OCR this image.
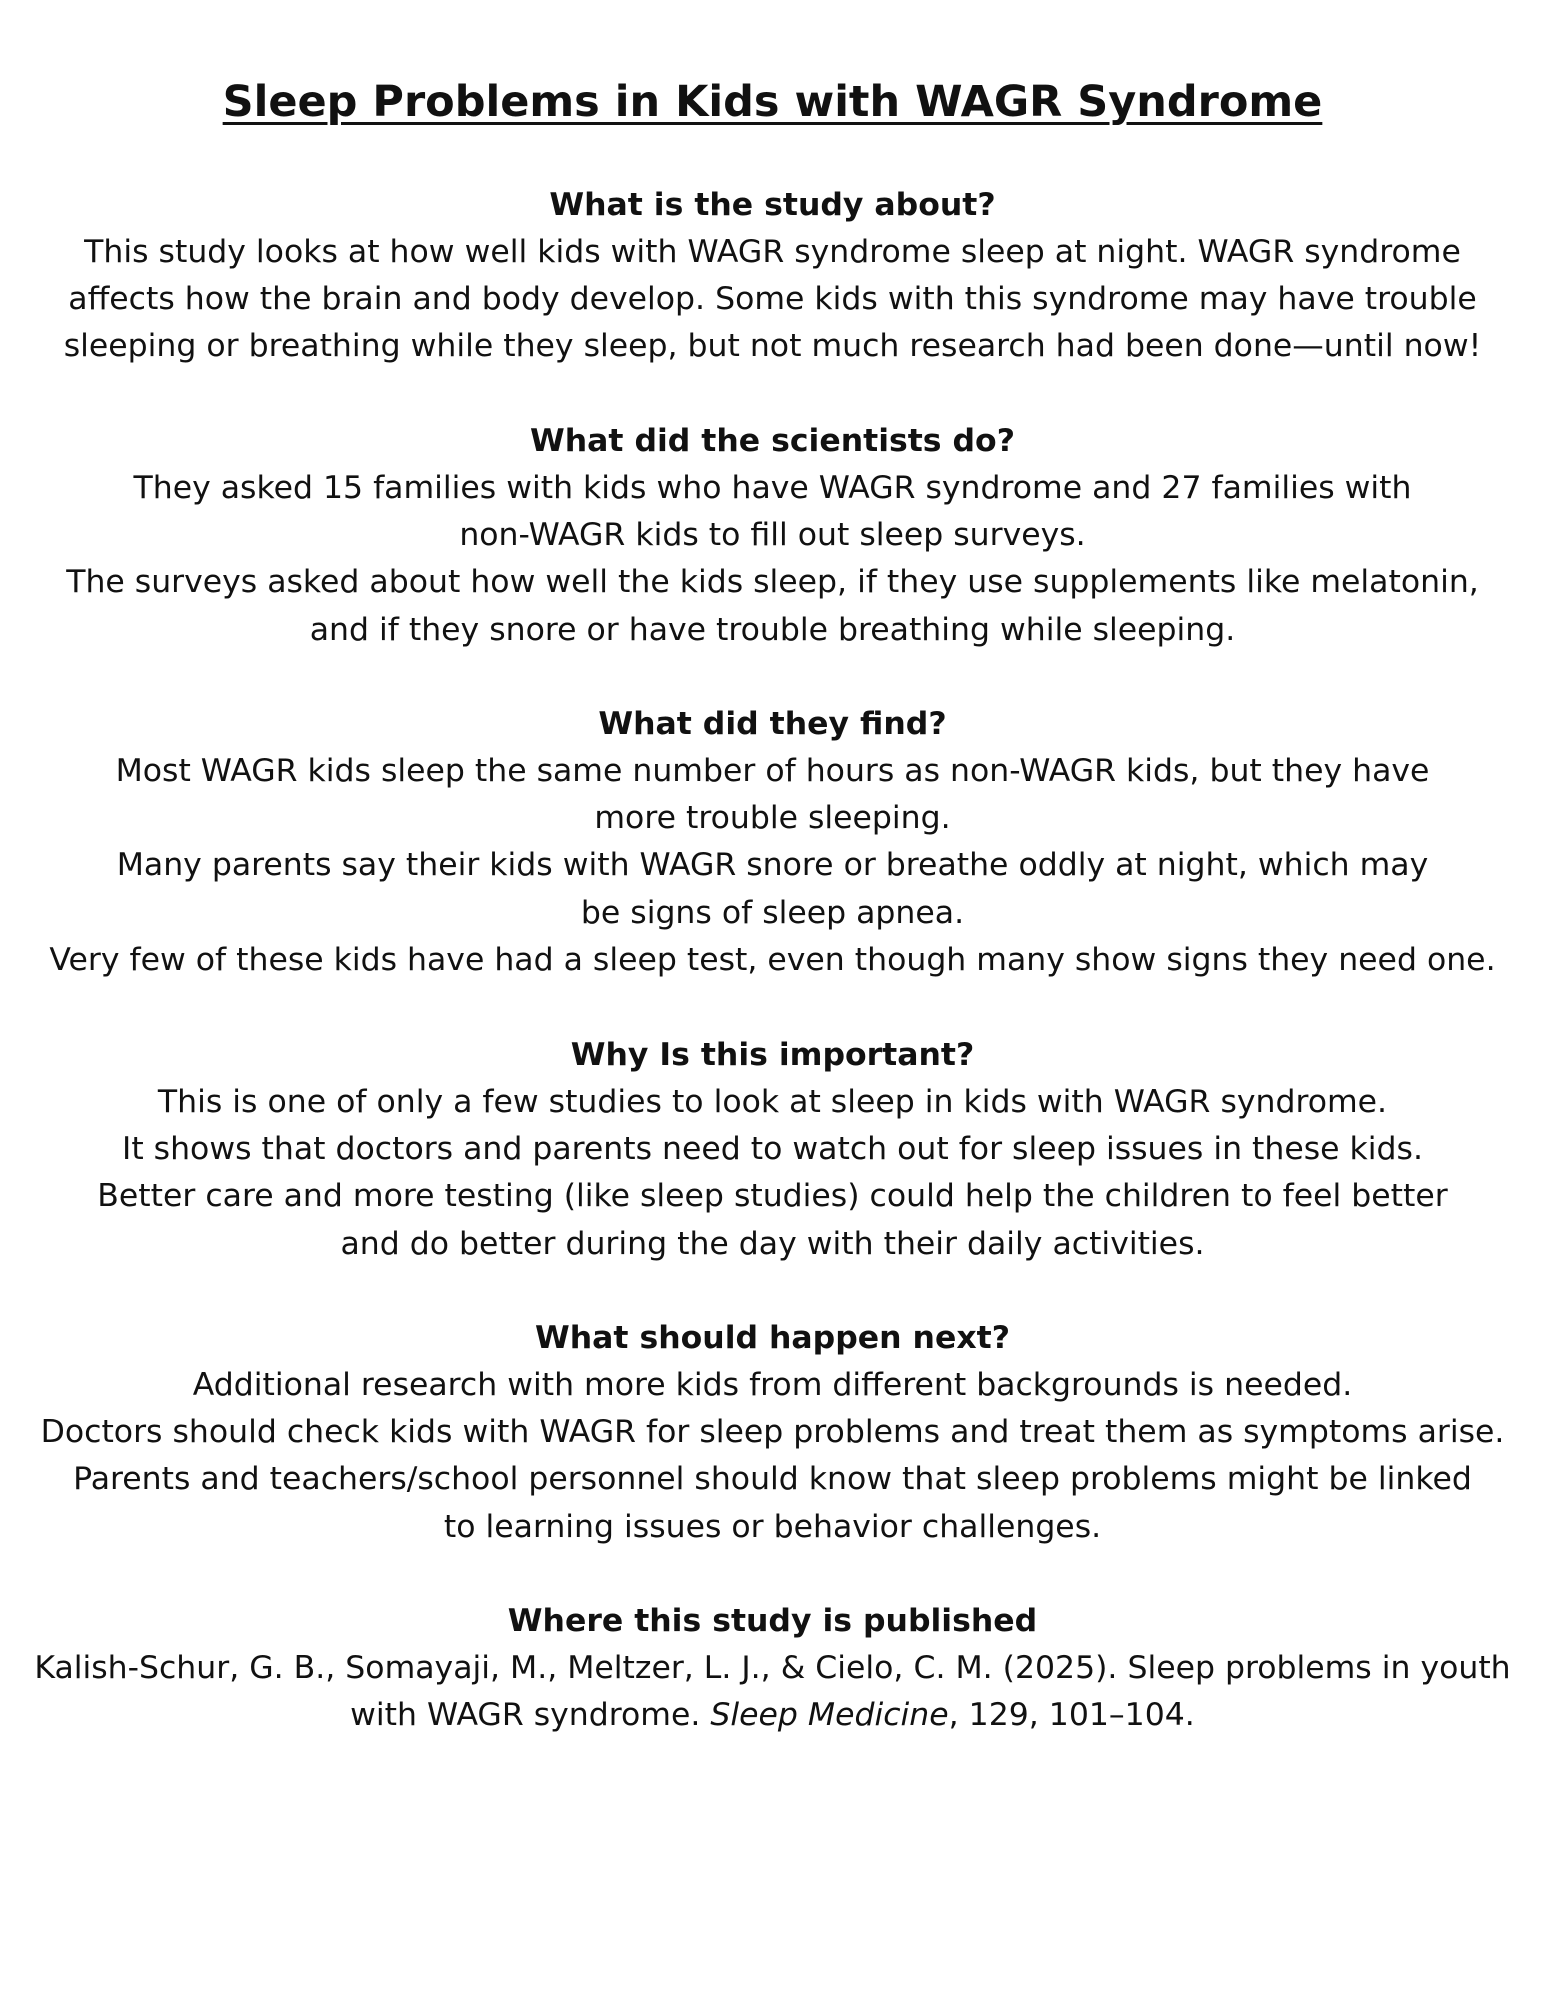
Sleep Problems in Kids with WAGR Syndrome

What is the study about?

This study looks at how well kids with WAGR syndrome sleep at night. WAGR syndrome

affects how the brain and body develop. Some kids with this syndrome may have trouble

sleeping or breathing while they sleep, but not much research had been done—until now!

What did the scientists do?

They asked 15 families with kids who have WAGR syndrome and 27 families with

non-WAGR kids to fill out sleep surveys.

The surveys asked about how well the kids sleep, if they use supplements like melatonin,

and if they snore or have trouble breathing while sleeping.

What did they find?

Most WAGR kids sleep the same number of hours as non-WAGR kids, but they have

more trouble sleeping.

Many parents say their kids with WAGR snore or breathe oddly at night, which may

be signs of sleep apnea.

Very few of these kids have had a sleep test, even though many show signs they need one.

Why Is this important?

This is one of only a few studies to look at sleep in kids with WAGR syndrome.

It shows that doctors and parents need to watch out for sleep issues in these kids.

Better care and more testing (like sleep studies) could help the children to feel better

and do better during the day with their daily activities.

What should happen next?

Additional research with more kids from different backgrounds is needed.

Doctors should check kids with WAGR for sleep problems and treat them as symptoms arise.

Parents and teachers/school personnel should know that sleep problems might be linked

to learning issues or behavior challenges.

Where this study is published

Kalish-Schur, G. B., Somayaji, M., Meltzer, L. J., & Cielo, C. M. (2025). Sleep problems in youth

with WAGR syndrome. Sleep Medicine, 129, 101–104.
